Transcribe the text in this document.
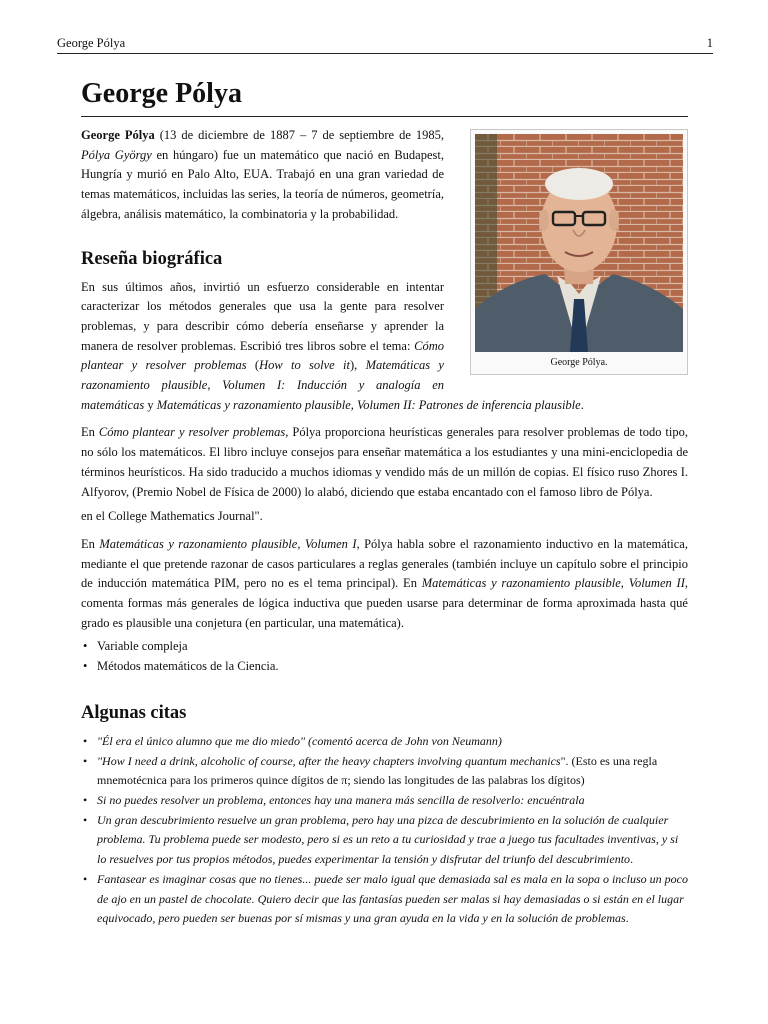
George Pólya	1
George Pólya
George Pólya.

George Pólya (13 de diciembre de 1887 – 7 de septiembre de 1985, Pólya György en húngaro) fue un matemático que nació en Budapest, Hungría y murió en Palo Alto, EUA. Trabajó en una gran variedad de temas matemáticos, incluidas las series, la teoría de números, geometría, álgebra, análisis matemático, la combinatoria y la probabilidad.

Reseña biográfica

En sus últimos años, invirtió un esfuerzo considerable en intentar caracterizar los métodos generales que usa la gente para resolver problemas, y para describir cómo debería enseñarse y aprender la manera de resolver problemas. Escribió tres libros sobre el tema: Cómo plantear y resolver problemas (How to solve it), Matemáticas y razonamiento plausible, Volumen I: Inducción y analogía en matemáticas y Matemáticas y razonamiento plausible, Volumen II: Patrones de inferencia plausible.

En Cómo plantear y resolver problemas, Pólya proporciona heurísticas generales para resolver problemas de todo tipo, no sólo los matemáticos. El libro incluye consejos para enseñar matemática a los estudiantes y una mini-enciclopedia de términos heurísticos. Ha sido traducido a muchos idiomas y vendido más de un millón de copias. El físico ruso Zhores I. Alfyorov, (Premio Nobel de Física de 2000) lo alabó, diciendo que estaba encantado con el famoso libro de Pólya.

en el College Mathematics Journal".

En Matemáticas y razonamiento plausible, Volumen I, Pólya habla sobre el razonamiento inductivo en la matemática, mediante el que pretende razonar de casos particulares a reglas generales (también incluye un capítulo sobre el principio de inducción matemática PIM, pero no es el tema principal). En Matemáticas y razonamiento plausible, Volumen II, comenta formas más generales de lógica inductiva que pueden usarse para determinar de forma aproximada hasta qué grado es plausible una conjetura (en particular, una matemática).

• Variable compleja
• Métodos matemáticos de la Ciencia.
Algunas citas
• "Él era el único alumno que me dio miedo" (comentó acerca de John von Neumann)
• "How I need a drink, alcoholic of course, after the heavy chapters involving quantum mechanics". (Esto es una regla mnemotécnica para los primeros quince dígitos de π; siendo las longitudes de las palabras los dígitos)
• Si no puedes resolver un problema, entonces hay una manera más sencilla de resolverlo: encuéntrala
• Un gran descubrimiento resuelve un gran problema, pero hay una pizca de descubrimiento en la solución de cualquier problema. Tu problema puede ser modesto, pero si es un reto a tu curiosidad y trae a juego tus facultades inventivas, y si lo resuelves por tus propios métodos, puedes experimentar la tensión y disfrutar del triunfo del descubrimiento.
• Fantasear es imaginar cosas que no tienes... puede ser malo igual que demasiada sal es mala en la sopa o incluso un poco de ajo en un pastel de chocolate. Quiero decir que las fantasías pueden ser malas si hay demasiadas o si están en el lugar equivocado, pero pueden ser buenas por sí mismas y una gran ayuda en la vida y en la solución de problemas.
